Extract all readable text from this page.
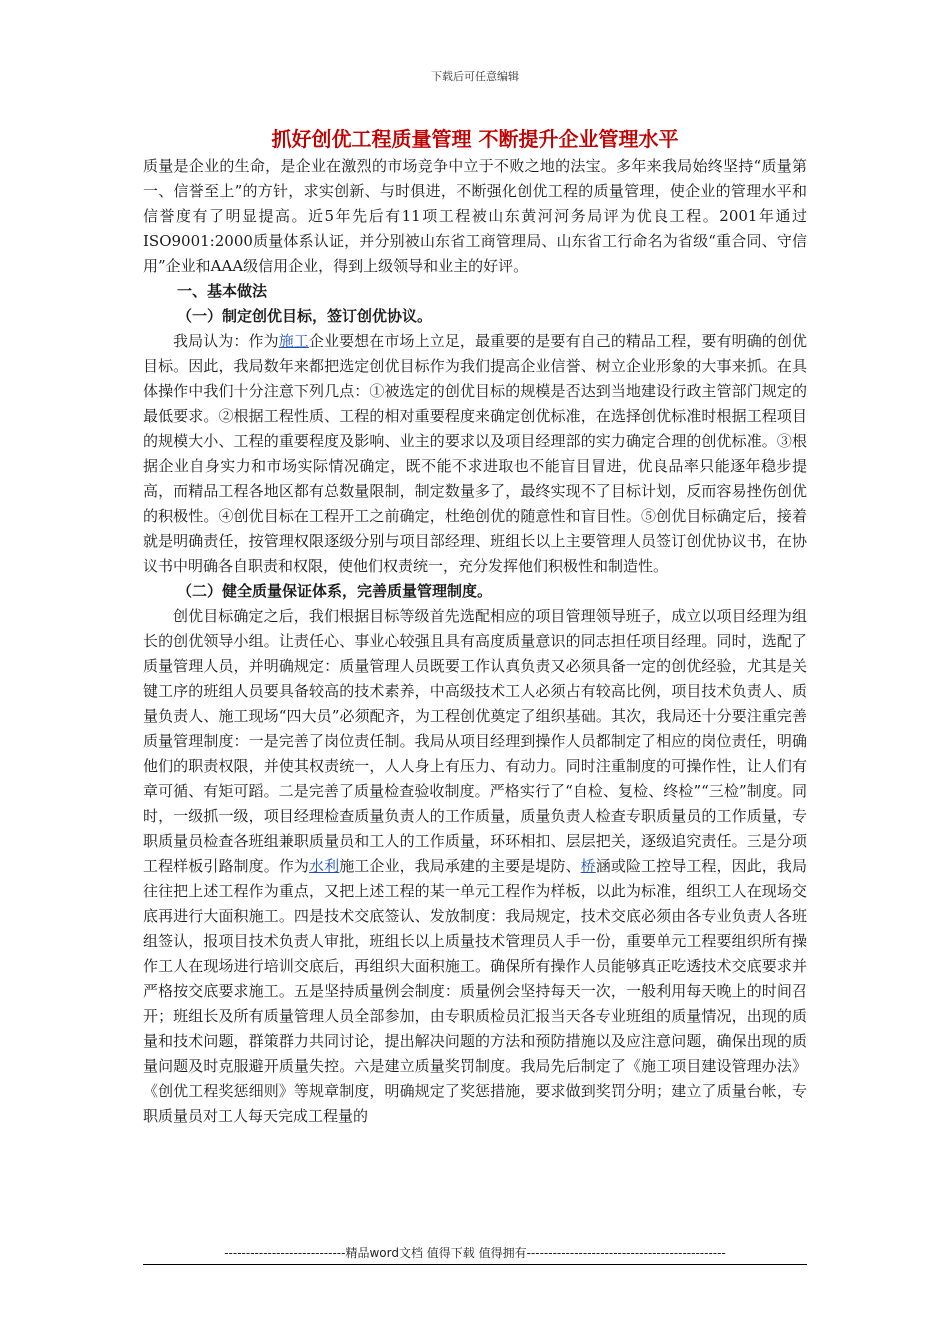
下载后可任意编辑
抓好创优工程质量管理 不断提升企业管理水平

质量是企业的生命，是企业在激烈的市场竞争中立于不败之地的法宝。多年来我局始终坚持“质量第一、信誉至上”的方针，求实创新、与时俱进，不断强化创优工程的质量管理，使企业的管理水平和信誉度有了明显提高。近5年先后有11项工程被山东黄河河务局评为优良工程。2001年通过ISO9001:2000质量体系认证，并分别被山东省工商管理局、山东省工行命名为省级“重合同、守信用”企业和AAA级信用企业，得到上级领导和业主的好评。

一、基本做法

（一）制定创优目标，签订创优协议。

我局认为：作为施工企业要想在市场上立足，最重要的是要有自己的精品工程，要有明确的创优目标。因此，我局数年来都把选定创优目标作为我们提高企业信誉、树立企业形象的大事来抓。在具体操作中我们十分注意下列几点：①被选定的创优目标的规模是否达到当地建设行政主管部门规定的最低要求。②根据工程性质、工程的相对重要程度来确定创优标准，在选择创优标准时根据工程项目的规模大小、工程的重要程度及影响、业主的要求以及项目经理部的实力确定合理的创优标准。③根据企业自身实力和市场实际情况确定，既不能不求进取也不能盲目冒进，优良品率只能逐年稳步提高，而精品工程各地区都有总数量限制，制定数量多了，最终实现不了目标计划，反而容易挫伤创优的积极性。④创优目标在工程开工之前确定，杜绝创优的随意性和盲目性。⑤创优目标确定后，接着就是明确责任，按管理权限逐级分别与项目部经理、班组长以上主要管理人员签订创优协议书，在协议书中明确各自职责和权限，使他们权责统一，充分发挥他们积极性和制造性。

（二）健全质量保证体系，完善质量管理制度。

创优目标确定之后，我们根据目标等级首先选配相应的项目管理领导班子，成立以项目经理为组长的创优领导小组。让责任心、事业心较强且具有高度质量意识的同志担任项目经理。同时，选配了质量管理人员，并明确规定：质量管理人员既要工作认真负责又必须具备一定的创优经验，尤其是关键工序的班组人员要具备较高的技术素养，中高级技术工人必须占有较高比例，项目技术负责人、质量负责人、施工现场“四大员”必须配齐，为工程创优奠定了组织基础。其次，我局还十分要注重完善质量管理制度：一是完善了岗位责任制。我局从项目经理到操作人员都制定了相应的岗位责任，明确他们的职责权限，并使其权责统一，人人身上有压力、有动力。同时注重制度的可操作性，让人们有章可循、有矩可蹈。二是完善了质量检查验收制度。严格实行了“自检、复检、终检”“三检”制度。同时，一级抓一级，项目经理检查质量负责人的工作质量，质量负责人检查专职质量员的工作质量，专职质量员检查各班组兼职质量员和工人的工作质量，环环相扣、层层把关，逐级追究责任。三是分项工程样板引路制度。作为水利施工企业，我局承建的主要是堤防、桥涵或险工控导工程，因此，我局往往把上述工程作为重点，又把上述工程的某一单元工程作为样板，以此为标准，组织工人在现场交底再进行大面积施工。四是技术交底签认、发放制度：我局规定，技术交底必须由各专业负责人各班组签认，报项目技术负责人审批，班组长以上质量技术管理员人手一份，重要单元工程要组织所有操作工人在现场进行培训交底后，再组织大面积施工。确保所有操作人员能够真正吃透技术交底要求并严格按交底要求施工。五是坚持质量例会制度：质量例会坚持每天一次，一般利用每天晚上的时间召开；班组长及所有质量管理人员全部参加，由专职质检员汇报当天各专业班组的质量情况，出现的质量和技术问题，群策群力共同讨论，提出解决问题的方法和预防措施以及应注意问题，确保出现的质量问题及时克服避开质量失控。六是建立质量奖罚制度。我局先后制定了《施工项目建设管理办法》《创优工程奖惩细则》等规章制度，明确规定了奖惩措施，要求做到奖罚分明；建立了质量台帐，专职质量员对工人每天完成工程量的

----------------------------精品word文档 值得下载 值得拥有----------------------------------------------
